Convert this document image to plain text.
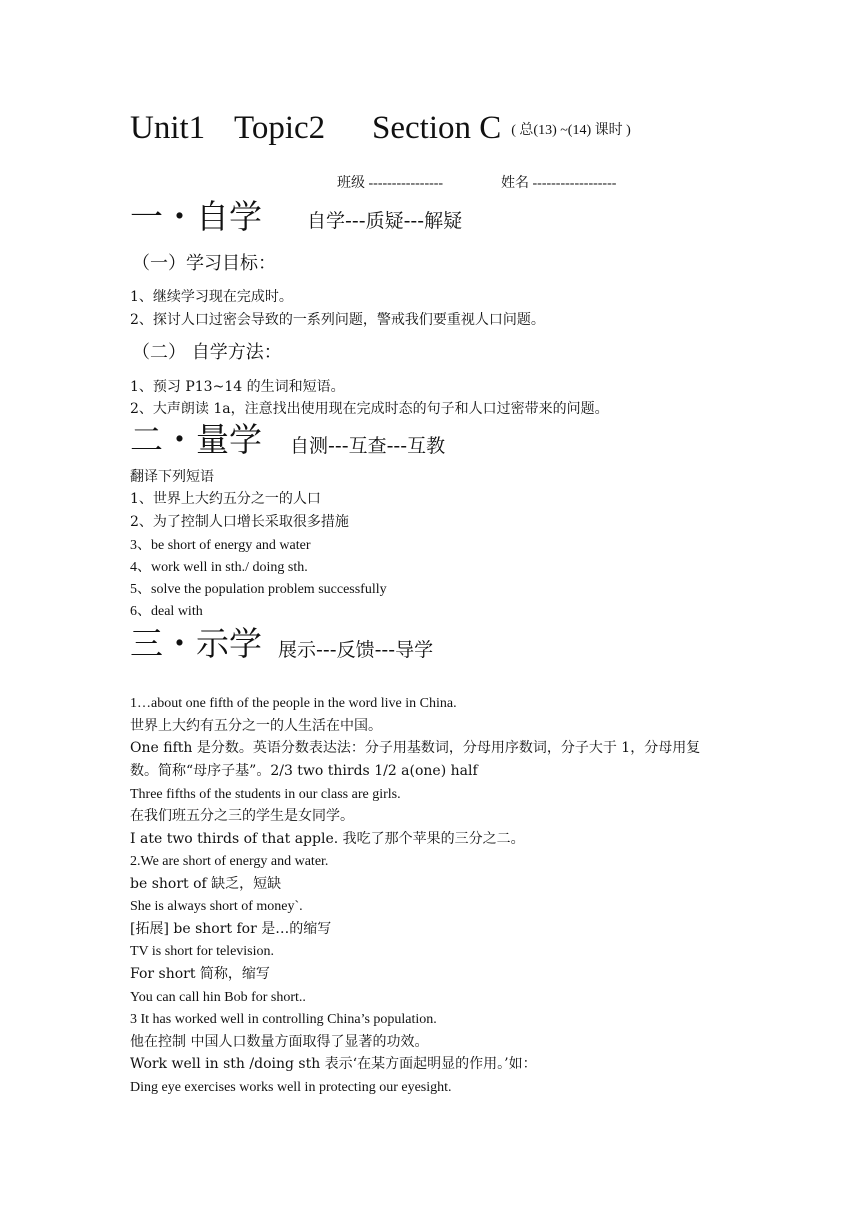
Unit1 Topic2 Section C ( 总(13) ~(14) 课时 )
班级 ----------------	姓名 ------------------
一・自学 自学---质疑---解疑
（一）学习目标：
1、继续学习现在完成时。
2、探讨人口过密会导致的一系列问题，警戒我们要重视人口问题。
（二） 自学方法：
1、预习 P13~14 的生词和短语。
2、大声朗读 1a，注意找出使用现在完成时态的句子和人口过密带来的问题。
二・量学 自测---互查---互教
翻译下列短语
1、世界上大约五分之一的人口
2、为了控制人口增长采取很多措施
3、be short of energy and water
4、work well in sth./ doing sth.
5、solve the population problem successfully
6、deal with
三・示学 展示---反馈---导学
1…about one fifth of the people in the word live in China.
世界上大约有五分之一的人生活在中国。
One fifth 是分数。英语分数表达法：分子用基数词，分母用序数词，分子大于 1，分母用复
数。简称“母序子基”。2/3 two thirds 1/2 a(one) half
Three fifths of the students in our class are girls.
在我们班五分之三的学生是女同学。
I ate two thirds of that apple. 我吃了那个苹果的三分之二。
2.We are short of energy and water.
be short of 缺乏，短缺
She is always short of money`.
[拓展] be short for 是…的缩写
TV is short for television.
For short 简称，缩写
You can call hin Bob for short..
3 It has worked well in controlling China’s population.
他在控制 中国人口数量方面取得了显著的功效。
Work well in sth /doing sth 表示‘在某方面起明显的作用。’如：
Ding eye exercises works well in protecting our eyesight.
